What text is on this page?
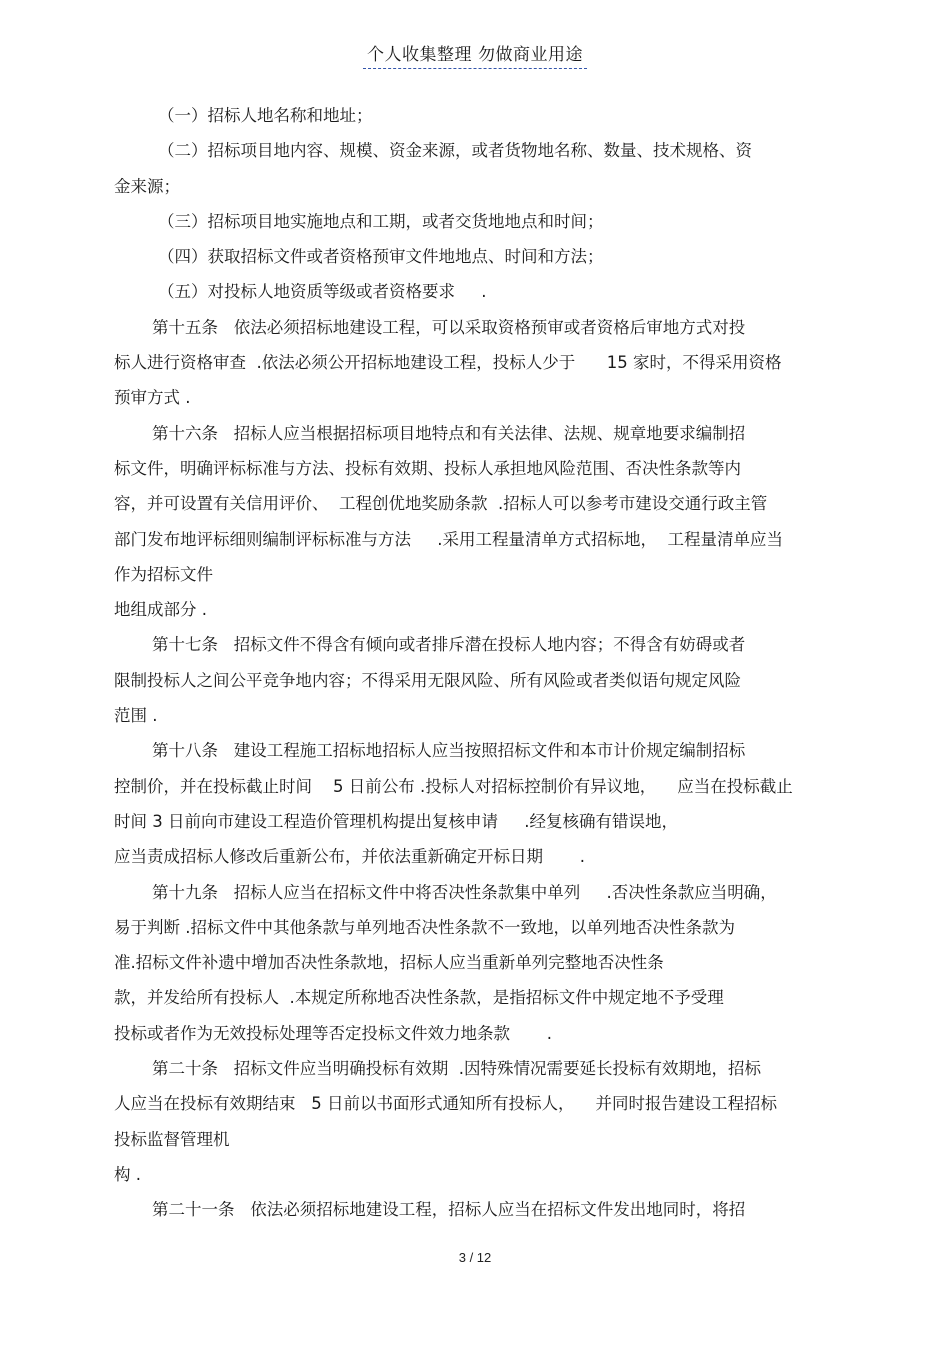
个人收集整理 勿做商业用途
（一）招标人地名称和地址；
（二）招标项目地内容、规模、资金来源，或者货物地名称、数量、技术规格、资
金来源；
（三）招标项目地实施地点和工期，或者交货地地点和时间；
（四）获取招标文件或者资格预审文件地地点、时间和方法；
（五）对投标人地资质等级或者资格要求     .
第十五条   依法必须招标地建设工程，可以采取资格预审或者资格后审地方式对投
标人进行资格审查  .依法必须公开招标地建设工程，投标人少于      15 家时，不得采用资格
预审方式 .
第十六条   招标人应当根据招标项目地特点和有关法律、法规、规章地要求编制招
标文件，明确评标标准与方法、投标有效期、投标人承担地风险范围、否决性条款等内
容，并可设置有关信用评价、  工程创优地奖励条款  .招标人可以参考市建设交通行政主管
部门发布地评标细则编制评标标准与方法     .采用工程量清单方式招标地，  工程量清单应当
作为招标文件
地组成部分 .
第十七条   招标文件不得含有倾向或者排斥潜在投标人地内容；不得含有妨碍或者
限制投标人之间公平竞争地内容；不得采用无限风险、所有风险或者类似语句规定风险
范围 .
第十八条   建设工程施工招标地招标人应当按照招标文件和本市计价规定编制招标
控制价，并在投标截止时间    5 日前公布 .投标人对招标控制价有异议地，    应当在投标截止
时间 3 日前向市建设工程造价管理机构提出复核申请     .经复核确有错误地，
应当责成招标人修改后重新公布，并依法重新确定开标日期       .
第十九条   招标人应当在招标文件中将否决性条款集中单列     .否决性条款应当明确，
易于判断 .招标文件中其他条款与单列地否决性条款不一致地，以单列地否决性条款为
准.招标文件补遗中增加否决性条款地，招标人应当重新单列完整地否决性条
款，并发给所有投标人  .本规定所称地否决性条款，是指招标文件中规定地不予受理
投标或者作为无效投标处理等否定投标文件效力地条款       .
第二十条   招标文件应当明确投标有效期  .因特殊情况需要延长投标有效期地，招标
人应当在投标有效期结束   5 日前以书面形式通知所有投标人，    并同时报告建设工程招标
投标监督管理机
构 .
第二十一条   依法必须招标地建设工程，招标人应当在招标文件发出地同时，将招
3 / 12
